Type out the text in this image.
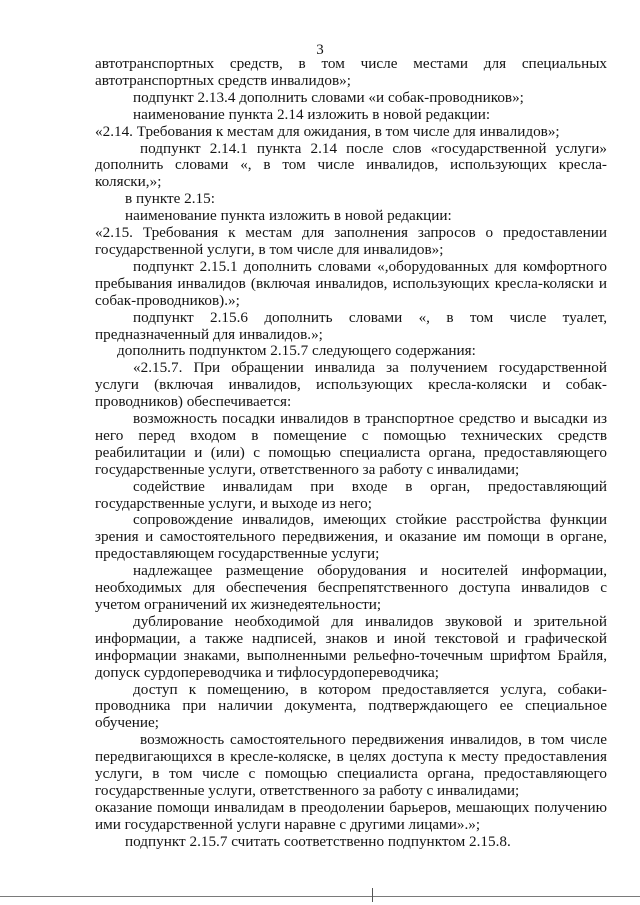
3

автотранспортных средств, в том числе местами для специальных автотранспортных средств инвалидов»;

подпункт 2.13.4 дополнить словами «и собак-проводников»;

наименование пункта 2.14 изложить в новой редакции:

«2.14. Требования к местам для ожидания, в том числе для инвалидов»;

подпункт 2.14.1 пункта 2.14 после слов «государственной услуги» дополнить словами «, в том числе инвалидов, использующих кресла-коляски,»;

в пункте 2.15:

наименование пункта изложить в новой редакции:

«2.15. Требования к местам для заполнения запросов о предоставлении государственной услуги, в том числе для инвалидов»;

подпункт 2.15.1 дополнить словами «,оборудованных для комфортного пребывания инвалидов (включая инвалидов, использующих кресла-коляски и собак-проводников).»;

подпункт 2.15.6 дополнить словами «, в том числе туалет, предназначенный для инвалидов.»;

дополнить подпунктом 2.15.7 следующего содержания:

«2.15.7. При обращении инвалида за получением государственной услуги (включая инвалидов, использующих кресла-коляски и собак-проводников) обеспечивается:

возможность посадки инвалидов в транспортное средство и высадки из него перед входом в помещение с помощью технических средств реабилитации и (или) с помощью специалиста органа, предоставляющего государственные услуги, ответственного за работу с инвалидами;

содействие инвалидам при входе в орган, предоставляющий государственные услуги, и выходе из него;

сопровождение инвалидов, имеющих стойкие расстройства функции зрения и самостоятельного передвижения, и оказание им помощи в органе, предоставляющем государственные услуги;

надлежащее размещение оборудования и носителей информации, необходимых для обеспечения беспрепятственного доступа инвалидов с учетом ограничений их жизнедеятельности;

дублирование необходимой для инвалидов звуковой и зрительной информации, а также надписей, знаков и иной текстовой и графической информации знаками, выполненными рельефно-точечным шрифтом Брайля, допуск сурдопереводчика и тифлосурдопереводчика;

доступ к помещению, в котором предоставляется услуга, собаки-проводника при наличии документа, подтверждающего ее специальное обучение;

возможность самостоятельного передвижения инвалидов, в том числе передвигающихся в кресле-коляске, в целях доступа к месту предоставления услуги, в том числе с помощью специалиста органа, предоставляющего государственные услуги, ответственного за работу с инвалидами;

оказание помощи инвалидам в преодолении барьеров, мешающих получению ими государственной услуги наравне с другими лицами».»;

подпункт 2.15.7 считать соответственно подпунктом 2.15.8.
